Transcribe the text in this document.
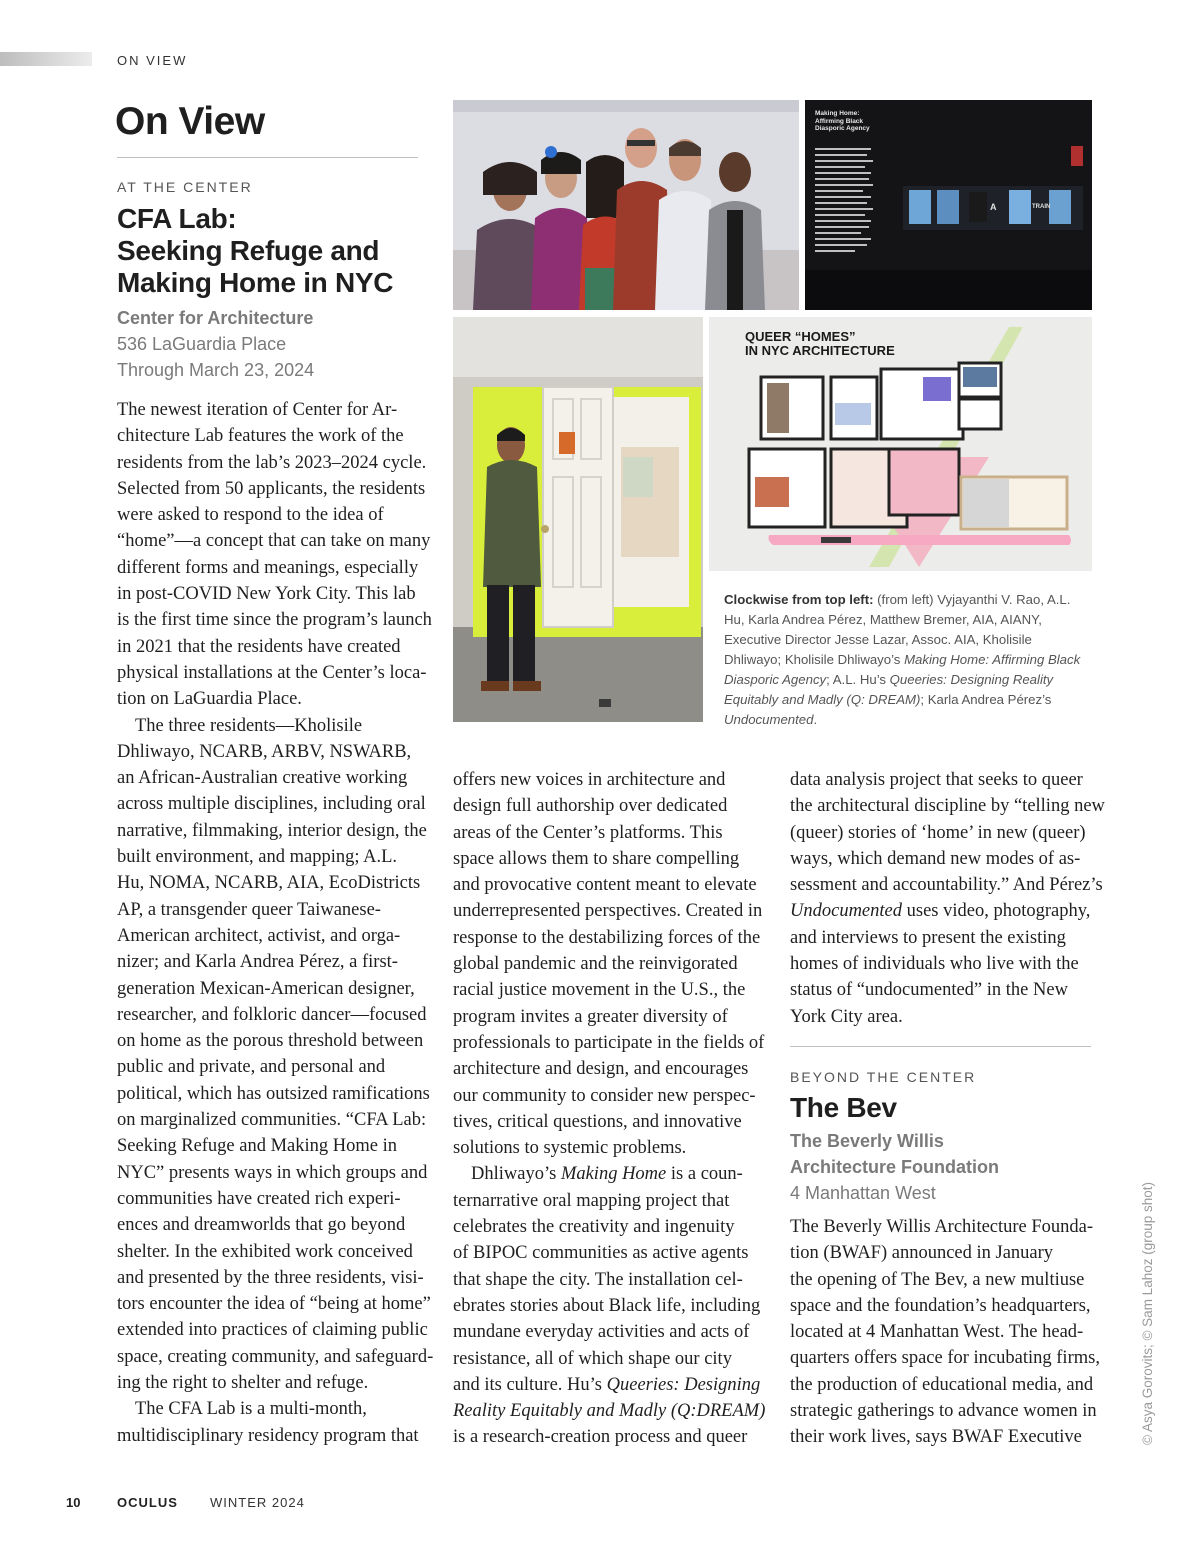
ON VIEW
On View
AT THE CENTER
CFA Lab:
Seeking Refuge and
Making Home in NYC
Center for Architecture
536 LaGuardia Place
Through March 23, 2024
The newest iteration of Center for Ar-
chitecture Lab features the work of the
residents from the lab’s 2023–2024 cycle.
Selected from 50 applicants, the residents
were asked to respond to the idea of
“home”—a concept that can take on many
different forms and meanings, especially
in post-COVID New York City. This lab
is the first time since the program’s launch
in 2021 that the residents have created
physical installations at the Center’s loca-
tion on LaGuardia Place.
The three residents—Kholisile
Dhliwayo, NCARB, ARBV, NSWARB,
an African-Australian creative working
across multiple disciplines, including oral
narrative, filmmaking, interior design, the
built environment, and mapping; A.L.
Hu, NOMA, NCARB, AIA, EcoDistricts
AP, a transgender queer Taiwanese-
American architect, activist, and orga-
nizer; and Karla Andrea Pérez, a first-
generation Mexican-American designer,
researcher, and folkloric dancer—focused
on home as the porous threshold between
public and private, and personal and
political, which has outsized ramifications
on marginalized communities. “CFA Lab:
Seeking Refuge and Making Home in
NYC” presents ways in which groups and
communities have created rich experi-
ences and dreamworlds that go beyond
shelter. In the exhibited work conceived
and presented by the three residents, visi-
tors encounter the idea of “being at home”
extended into practices of claiming public
space, creating community, and safeguard-
ing the right to shelter and refuge.
The CFA Lab is a multi-month,
multidisciplinary residency program that
Making Home:
Affirming Black
Diasporic Agency
A	TRAIN
QUEER “HOMES”
IN NYC ARCHITECTURE
Clockwise from top left: (from left) Vyjayanthi V. Rao, A.L. Hu, Karla Andrea Pérez, Matthew Bremer, AIA, AIANY, Executive Director Jesse Lazar, Assoc. AIA, Kholisile Dhliwayo; Kholisile Dhliwayo’s Making Home: Affirming Black Diasporic Agency; A.L. Hu’s Queeries: Designing Reality Equitably and Madly (Q: DREAM); Karla Andrea Pérez’s Undocumented.
offers new voices in architecture and
design full authorship over dedicated
areas of the Center’s platforms. This
space allows them to share compelling
and provocative content meant to elevate
underrepresented perspectives. Created in
response to the destabilizing forces of the
global pandemic and the reinvigorated
racial justice movement in the U.S., the
program invites a greater diversity of
professionals to participate in the fields of
architecture and design, and encourages
our community to consider new perspec-
tives, critical questions, and innovative
solutions to systemic problems.
Dhliwayo’s Making Home is a coun-
ternarrative oral mapping project that
celebrates the creativity and ingenuity
of BIPOC communities as active agents
that shape the city. The installation cel-
ebrates stories about Black life, including
mundane everyday activities and acts of
resistance, all of which shape our city
and its culture. Hu’s Queeries: Designing
Reality Equitably and Madly (Q:DREAM)
is a research-creation process and queer
data analysis project that seeks to queer
the architectural discipline by “telling new
(queer) stories of ‘home’ in new (queer)
ways, which demand new modes of as-
sessment and accountability.” And Pérez’s
Undocumented uses video, photography,
and interviews to present the existing
homes of individuals who live with the
status of “undocumented” in the New
York City area.
BEYOND THE CENTER
The Bev
The Beverly Willis
Architecture Foundation
4 Manhattan West
The Beverly Willis Architecture Founda-
tion (BWAF) announced in January
the opening of The Bev, a new multiuse
space and the foundation’s headquarters,
located at 4 Manhattan West. The head-
quarters offers space for incubating firms,
the production of educational media, and
strategic gatherings to advance women in
their work lives, says BWAF Executive	© Asya Gorovits; © Sam Lahoz (group shot)
10	OCULUS WINTER 2024
